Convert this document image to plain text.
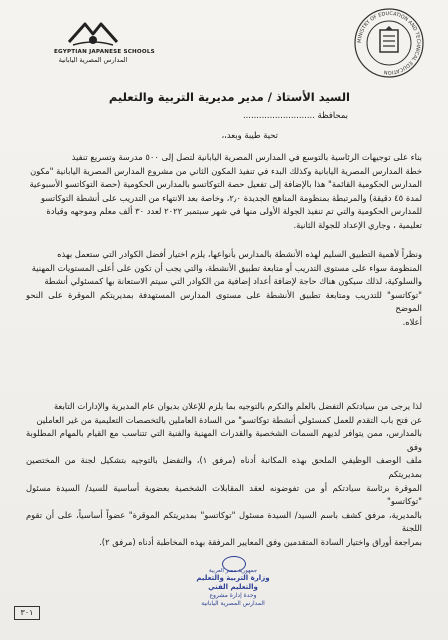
EGYPTIAN JAPANESE SCHOOLS
المدارس المصرية اليابانية
MINISTRY OF EDUCATION AND TECHNICAL EDUCATION
السيد الأستاذ / مدير مديرية التربية والتعليم
بمحافظة ...........................
تحية طيبة وبعد،،
بناء على توجيهات الرئاسية بالتوسع في المدارس المصرية اليابانية لتصل إلى ٥٠٠ مدرسة وتسريع تنفيذ
خطة المدارس المصرية اليابانية وكذلك البدء في تنفيذ المكون الثاني من مشروع المدارس المصرية اليابانية "مكون
المدارس الحكومية القائمة" هذا بالإضافة إلى تفعيل حصة التوكاتسو بالمدارس الحكومية (حصة التوكاتسو الأسبوعية
لمدة ٤٥ دقيقة) والمرتبطة بمنظومة المناهج الجديدة ٢٫٠، وخاصة بعد الانتهاء من التدريب على أنشطة التوكاتسو
للمدارس الحكومية والتي تم تنفيذ الجولة الأولى منها في شهر سبتمبر ٢٠٢٢ لعدد ٣٠ ألف معلم وموجهه وقيادة
تعليمية ، وجاري الإعداد للجولة الثانية.
ونظراً لأهمية التطبيق السليم لهذه الأنشطة بالمدارس بأنواعها، يلزم اختيار أفضل الكوادر التي ستعمل بهذه
المنظومة سواء على مستوى التدريب أو متابعة تطبيق الأنشطة، والتي يجب أن تكون على أعلى المستويات المهنية
والسلوكية، لذلك سيكون هناك حاجة لإضافة أعداد إضافية من الكوادر التي سيتم الاستعانة بها كمسئولي أنشطة
"توكاتسو" للتدريب ومتابعة تطبيق الأنشطة على مستوى المدارس المستهدفة بمديريتكم الموقرة على النحو الموضح
أعلاه.
لذا يرجى من سيادتكم التفضل بالعلم والتكرم بالتوجيه بما يلزم للإعلان بديوان عام المديرية والإدارات التابعة
عن فتح باب التقدم للعمل كمسئولي أنشطة توكاتسو" من السادة العاملين بالتخصصات التعليمية من غير العاملين
بالمدارس، ممن يتوافر لديهم السمات الشخصية والقدرات المهنية والفنية التي تتناسب مع القيام بالمهام المطلوبة وفق
ملف الوصف الوظيفي الملحق بهذه المكاتبة أدناه (مرفق ١)، والتفضل بالتوجيه بتشكيل لجنة من المختصين بمديريتكم
الموقرة برئاسة سيادتكم أو من تفوضونه لعقد المقابلات الشخصية بعضوية أساسية للسيد/ السيدة مسئول "توكاتسو"
بالمديرية، مرفق كشف باسم السيد/ السيدة مسئول "توكاتسو" بمديريتكم الموقرة" عضواً أساسياً، على أن تقوم اللجنة
بمراجعة أوراق واختيار السادة المتقدمين وفق المعايير المرفقة بهذه المخاطبة أدناه (مرفق ٢).
جمهورية مصر العربية
وزارة التربية والتعليم والتعليم الفني
وحدة إدارة مشروع
المدارس المصرية اليابانية
٣٠١
